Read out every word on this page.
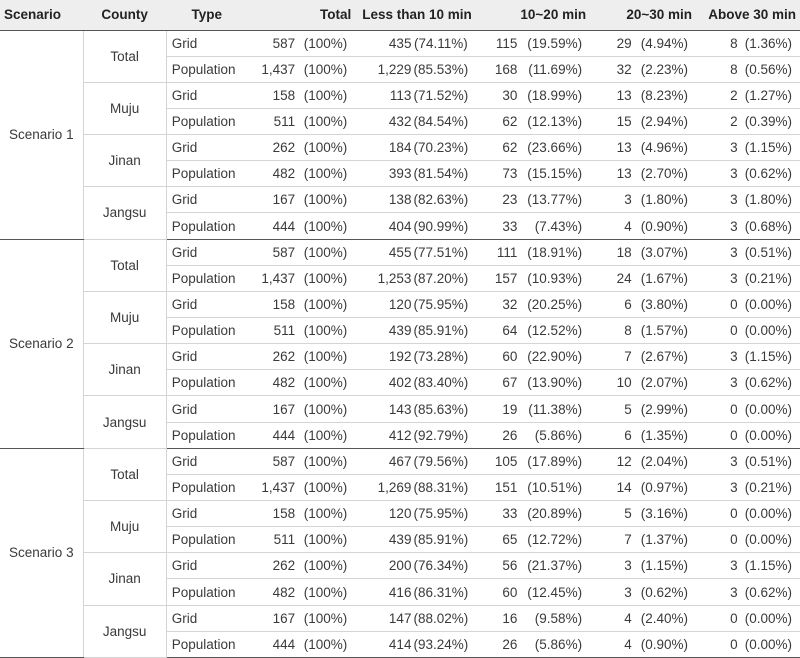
Scenario	County	Type	Total		Less than 10 min		10~20 min		20~30 min		Above 30 min	
Scenario 1	Total	Grid	587	(100%)	435	(74.11%)	115	(19.59%)	29	(4.94%)	8	(1.36%)
		Population	1,437	(100%)	1,229	(85.53%)	168	(11.69%)	32	(2.23%)	8	(0.56%)
	Muju	Grid	158	(100%)	113	(71.52%)	30	(18.99%)	13	(8.23%)	2	(1.27%)
		Population	511	(100%)	432	(84.54%)	62	(12.13%)	15	(2.94%)	2	(0.39%)
	Jinan	Grid	262	(100%)	184	(70.23%)	62	(23.66%)	13	(4.96%)	3	(1.15%)
		Population	482	(100%)	393	(81.54%)	73	(15.15%)	13	(2.70%)	3	(0.62%)
	Jangsu	Grid	167	(100%)	138	(82.63%)	23	(13.77%)	3	(1.80%)	3	(1.80%)
		Population	444	(100%)	404	(90.99%)	33	(7.43%)	4	(0.90%)	3	(0.68%)
Scenario 2	Total	Grid	587	(100%)	455	(77.51%)	111	(18.91%)	18	(3.07%)	3	(0.51%)
		Population	1,437	(100%)	1,253	(87.20%)	157	(10.93%)	24	(1.67%)	3	(0.21%)
	Muju	Grid	158	(100%)	120	(75.95%)	32	(20.25%)	6	(3.80%)	0	(0.00%)
		Population	511	(100%)	439	(85.91%)	64	(12.52%)	8	(1.57%)	0	(0.00%)
	Jinan	Grid	262	(100%)	192	(73.28%)	60	(22.90%)	7	(2.67%)	3	(1.15%)
		Population	482	(100%)	402	(83.40%)	67	(13.90%)	10	(2.07%)	3	(0.62%)
	Jangsu	Grid	167	(100%)	143	(85.63%)	19	(11.38%)	5	(2.99%)	0	(0.00%)
		Population	444	(100%)	412	(92.79%)	26	(5.86%)	6	(1.35%)	0	(0.00%)
Scenario 3	Total	Grid	587	(100%)	467	(79.56%)	105	(17.89%)	12	(2.04%)	3	(0.51%)
		Population	1,437	(100%)	1,269	(88.31%)	151	(10.51%)	14	(0.97%)	3	(0.21%)
	Muju	Grid	158	(100%)	120	(75.95%)	33	(20.89%)	5	(3.16%)	0	(0.00%)
		Population	511	(100%)	439	(85.91%)	65	(12.72%)	7	(1.37%)	0	(0.00%)
	Jinan	Grid	262	(100%)	200	(76.34%)	56	(21.37%)	3	(1.15%)	3	(1.15%)
		Population	482	(100%)	416	(86.31%)	60	(12.45%)	3	(0.62%)	3	(0.62%)
	Jangsu	Grid	167	(100%)	147	(88.02%)	16	(9.58%)	4	(2.40%)	0	(0.00%)
		Population	444	(100%)	414	(93.24%)	26	(5.86%)	4	(0.90%)	0	(0.00%)
